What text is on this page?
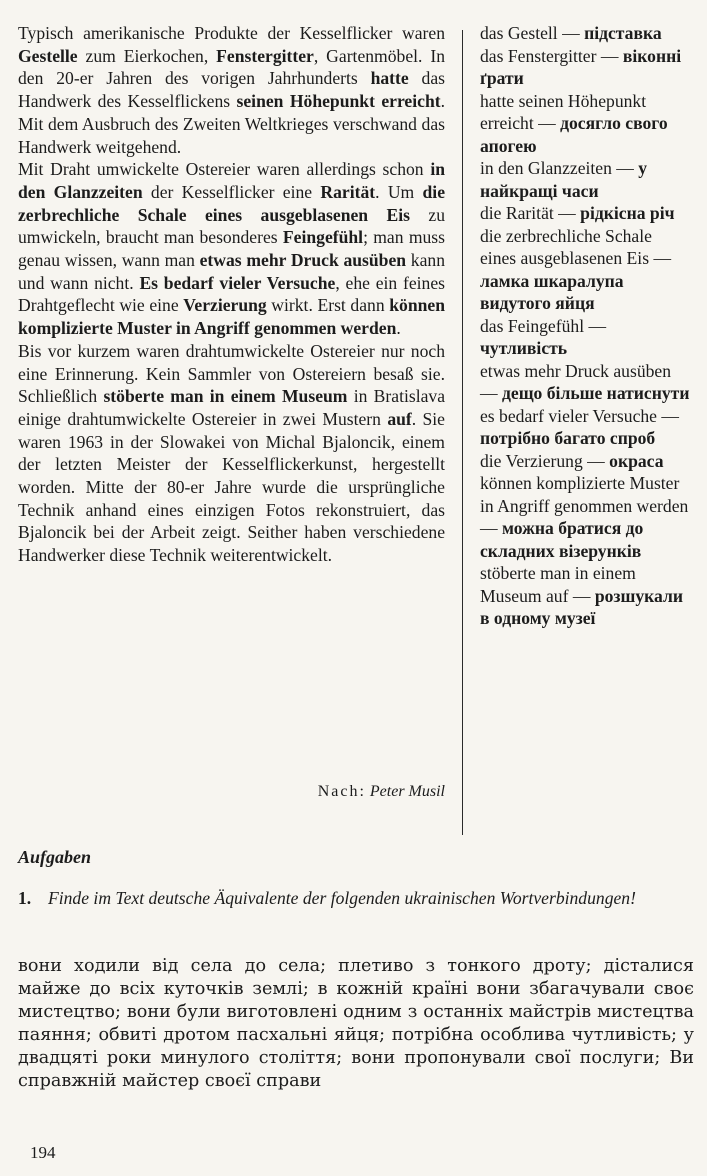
Typisch amerikanische Produkte der Kesselflicker waren Gestelle zum Eierkochen, Fenstergitter, Gartenmöbel. In den 20-er Jahren des vorigen Jahrhunderts hatte das Handwerk des Kesselflickens seinen Höhepunkt erreicht. Mit dem Ausbruch des Zweiten Weltkrieges verschwand das Handwerk weitgehend.

Mit Draht umwickelte Ostereier waren allerdings schon in den Glanzzeiten der Kesselflicker eine Rarität. Um die zerbrechliche Schale eines ausgeblasenen Eis zu umwickeln, braucht man besonderes Feingefühl; man muss genau wissen, wann man etwas mehr Druck ausüben kann und wann nicht. Es bedarf vieler Versuche, ehe ein feines Drahtgeflecht wie eine Verzierung wirkt. Erst dann können komplizierte Muster in Angriff genommen werden.

Bis vor kurzem waren drahtumwickelte Ostereier nur noch eine Erinnerung. Kein Sammler von Ostereiern besaß sie. Schließlich stöberte man in einem Museum in Bratislava einige drahtumwickelte Ostereier in zwei Mustern auf. Sie waren 1963 in der Slowakei von Michal Bjaloncik, einem der letzten Meister der Kesselflickerkunst, hergestellt worden. Mitte der 80-er Jahre wurde die ursprüngliche Technik anhand eines einzigen Fotos rekonstruiert, das Bjaloncik bei der Arbeit zeigt. Seither haben verschiedene Handwerker diese Technik weiterentwickelt.

Nach: Peter Musil

das Gestell — підставка

das Fenstergitter — віконні ґрати

hatte seinen Höhepunkt erreicht — досягло свого апогею

in den Glanzzeiten — у найкращі часи

die Rarität — рідкісна річ

die zerbrechliche Schale eines ausgeblasenen Eis — ламка шкаралупа видутого яйця

das Feingefühl — чутливість

etwas mehr Druck ausüben — дещо більше натиснути

es bedarf vieler Versuche — потрібно багато спроб

die Verzierung — окраса

können komplizierte Muster in Angriff genommen werden — можна братися до складних візерунків

stöberte man in einem Museum auf — розшукали в одному музеї

Aufgaben
1. Finde im Text deutsche Äquivalente der folgenden ukrainischen Wortverbindungen!
вони ходили від села до села; плетиво з тонкого дроту; дісталися майже до всіх куточків землі; в кожній країні вони збагачували своє мистецтво; вони були виготовлені одним з останніх майстрів мистецтва паяння; обвиті дротом пасхальні яйця; потрібна особлива чутливість; у двадцяті роки минулого століття; вони пропонували свої послуги; Ви справжній майстер своєї справи
194
